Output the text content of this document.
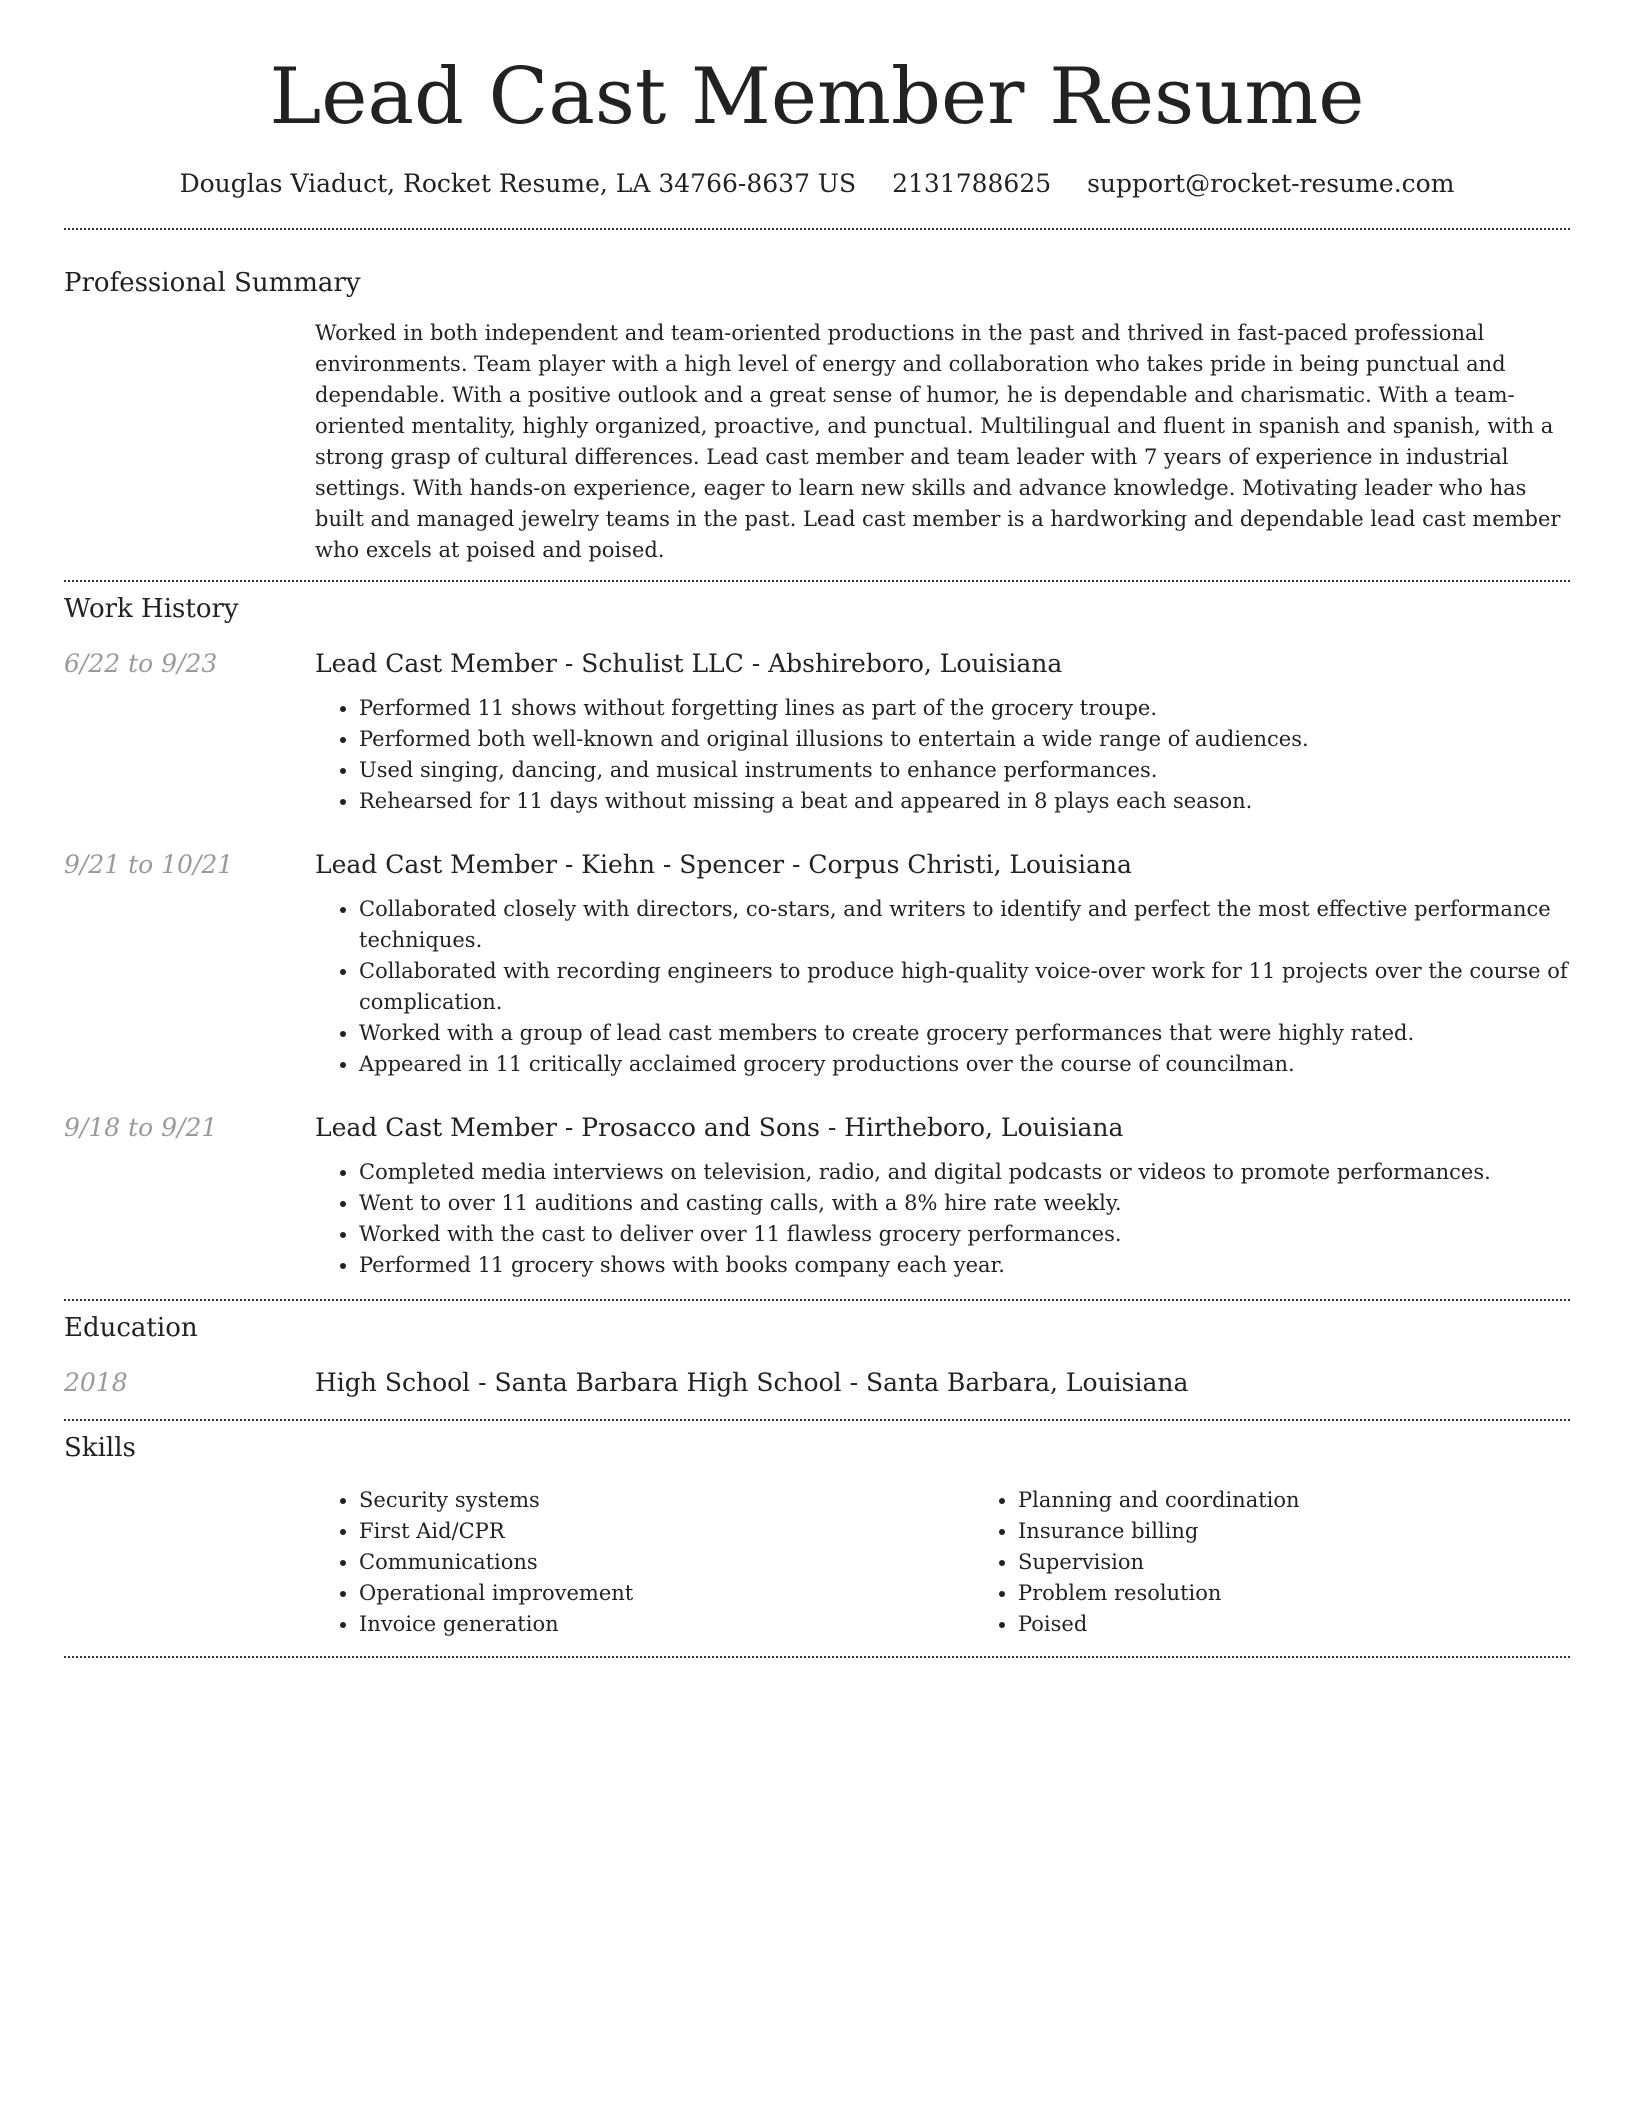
Lead Cast Member Resume
Douglas Viaduct, Rocket Resume, LA 34766-8637 US 2131788625 support@rocket-resume.com
Professional Summary
Worked in both independent and team-oriented productions in the past and thrived in fast-paced professional environments. Team player with a high level of energy and collaboration who takes pride in being punctual and dependable. With a positive outlook and a great sense of humor, he is dependable and charismatic. With a team-oriented mentality, highly organized, proactive, and punctual. Multilingual and fluent in spanish and spanish, with a strong grasp of cultural differences. Lead cast member and team leader with 7 years of experience in industrial settings. With hands-on experience, eager to learn new skills and advance knowledge. Motivating leader who has built and managed jewelry teams in the past. Lead cast member is a hardworking and dependable lead cast member who excels at poised and poised.
Work History
6/22 to 9/23	Lead Cast Member - Schulist LLC - Abshireboro, Louisiana
• Performed 11 shows without forgetting lines as part of the grocery troupe.
• Performed both well-known and original illusions to entertain a wide range of audiences.
• Used singing, dancing, and musical instruments to enhance performances.
• Rehearsed for 11 days without missing a beat and appeared in 8 plays each season.
9/21 to 10/21	Lead Cast Member - Kiehn - Spencer - Corpus Christi, Louisiana
• Collaborated closely with directors, co-stars, and writers to identify and perfect the most effective performance techniques.
• Collaborated with recording engineers to produce high-quality voice-over work for 11 projects over the course of complication.
• Worked with a group of lead cast members to create grocery performances that were highly rated.
• Appeared in 11 critically acclaimed grocery productions over the course of councilman.
9/18 to 9/21	Lead Cast Member - Prosacco and Sons - Hirtheboro, Louisiana
• Completed media interviews on television, radio, and digital podcasts or videos to promote performances.
• Went to over 11 auditions and casting calls, with a 8% hire rate weekly.
• Worked with the cast to deliver over 11 flawless grocery performances.
• Performed 11 grocery shows with books company each year.
Education
2018	High School - Santa Barbara High School - Santa Barbara, Louisiana
Skills
• Security systems
• First Aid/CPR
• Communications
• Operational improvement
• Invoice generation
• Planning and coordination
• Insurance billing
• Supervision
• Problem resolution
• Poised
